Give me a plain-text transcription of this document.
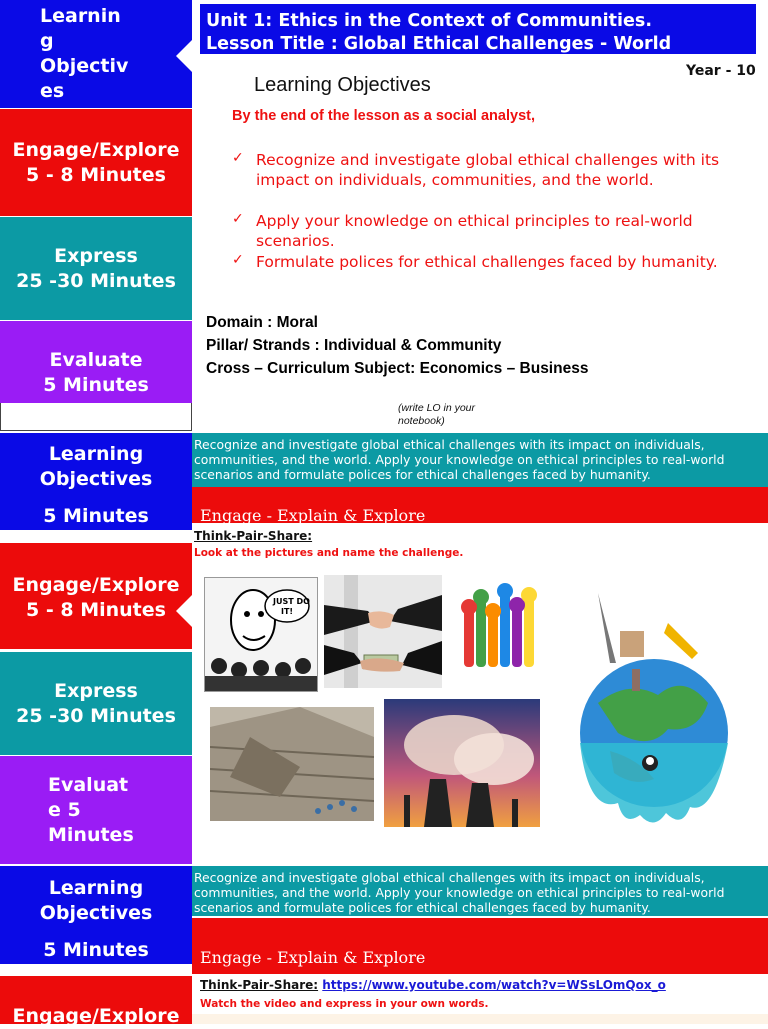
Learnin
g
Objectiv
es
Engage/Explore
5 - 8 Minutes
Express
25 -30 Minutes
Evaluate
5 Minutes
Unit 1: Ethics in the Context of Communities.
Lesson Title : Global Ethical Challenges - World
Year - 10
Learning Objectives
By the end of the lesson as a social analyst,
✓ Recognize and investigate global ethical challenges with its impact on individuals, communities, and the world.
✓ Apply your knowledge on ethical principles to real-world scenarios.
✓ Formulate polices for ethical challenges faced by humanity.
Domain : Moral
Pillar/ Strands : Individual & Community
Cross – Curriculum Subject: Economics – Business
(write LO in your notebook)
Learning
Objectives
5 Minutes
Engage/Explore
5 - 8 Minutes
Express
25 -30 Minutes
Evaluat
e 5
Minutes
Recognize and investigate global ethical challenges with its impact on individuals, communities, and the world. Apply your knowledge on ethical principles to real-world scenarios and formulate polices for ethical challenges faced by humanity.
Engage - Explain & Explore
Think-Pair-Share:
Look at the pictures and name the challenge.
JUST DO
IT!
Learning
Objectives
5 Minutes
Engage/Explore
Recognize and investigate global ethical challenges with its impact on individuals, communities, and the world. Apply your knowledge on ethical principles to real-world scenarios and formulate polices for ethical challenges faced by humanity.
Engage - Explain & Explore
Think-Pair-Share: https://www.youtube.com/watch?v=WSsLOmQox_o
Watch the video and express in your own words.
